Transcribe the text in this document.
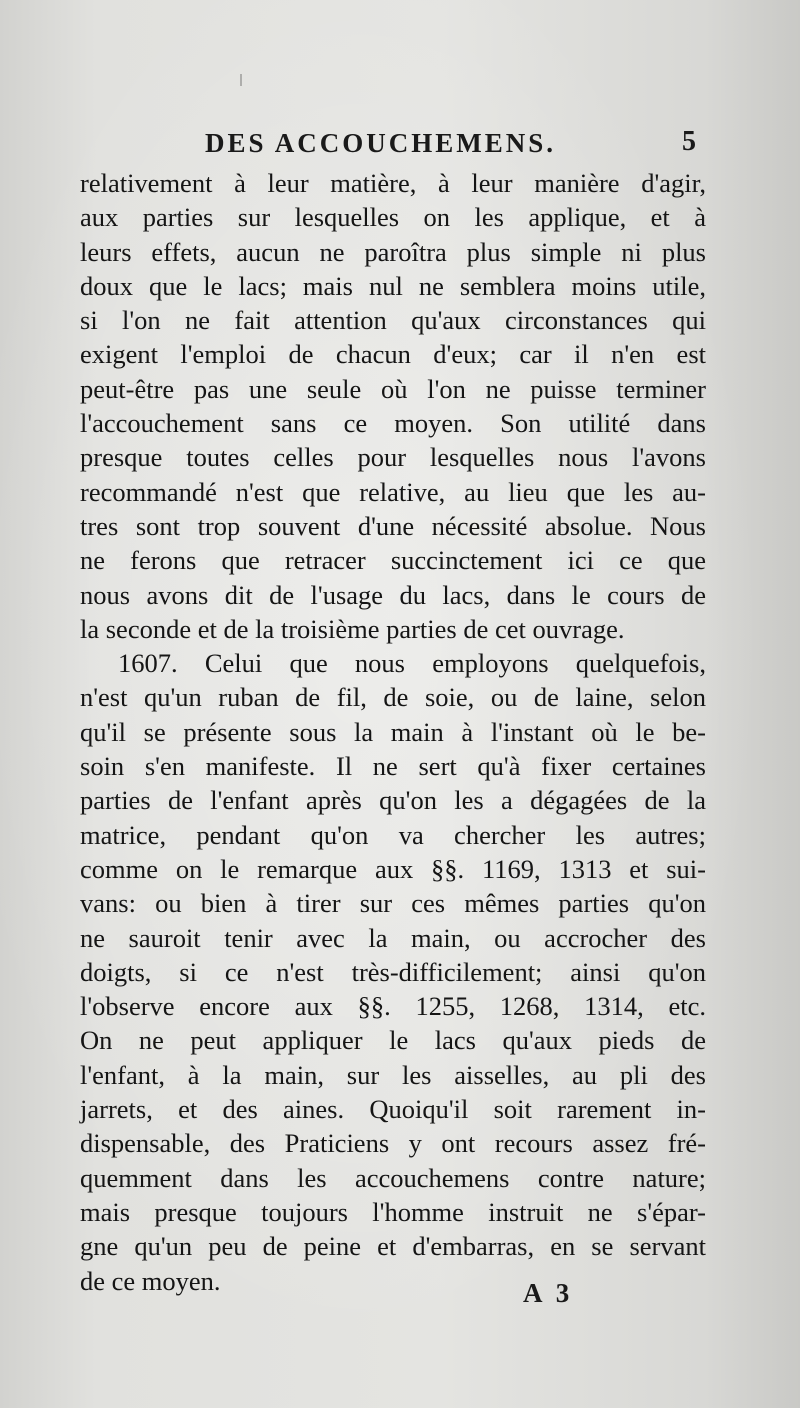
DES ACCOUCHEMENS.	5
relativement à leur matière, à leur manière d'agir,
aux parties sur lesquelles on les applique, et à
leurs effets, aucun ne paroîtra plus simple ni plus
doux que le lacs; mais nul ne semblera moins utile,
si l'on ne fait attention qu'aux circonstances qui
exigent l'emploi de chacun d'eux; car il n'en est
peut-être pas une seule où l'on ne puisse terminer
l'accouchement sans ce moyen. Son utilité dans
presque toutes celles pour lesquelles nous l'avons
recommandé n'est que relative, au lieu que les au-
tres sont trop souvent d'une nécessité absolue. Nous
ne ferons que retracer succinctement ici ce que
nous avons dit de l'usage du lacs, dans le cours de
la seconde et de la troisième parties de cet ouvrage.
1607. Celui que nous employons quelquefois,
n'est qu'un ruban de fil, de soie, ou de laine, selon
qu'il se présente sous la main à l'instant où le be-
soin s'en manifeste. Il ne sert qu'à fixer certaines
parties de l'enfant après qu'on les a dégagées de la
matrice, pendant qu'on va chercher les autres;
comme on le remarque aux §§. 1169, 1313 et sui-
vans: ou bien à tirer sur ces mêmes parties qu'on
ne sauroit tenir avec la main, ou accrocher des
doigts, si ce n'est très-difficilement; ainsi qu'on
l'observe encore aux §§. 1255, 1268, 1314, etc.
On ne peut appliquer le lacs qu'aux pieds de
l'enfant, à la main, sur les aisselles, au pli des
jarrets, et des aines. Quoiqu'il soit rarement in-
dispensable, des Praticiens y ont recours assez fré-
quemment dans les accouchemens contre nature;
mais presque toujours l'homme instruit ne s'épar-
gne qu'un peu de peine et d'embarras, en se servant
de ce moyen.	A 3
